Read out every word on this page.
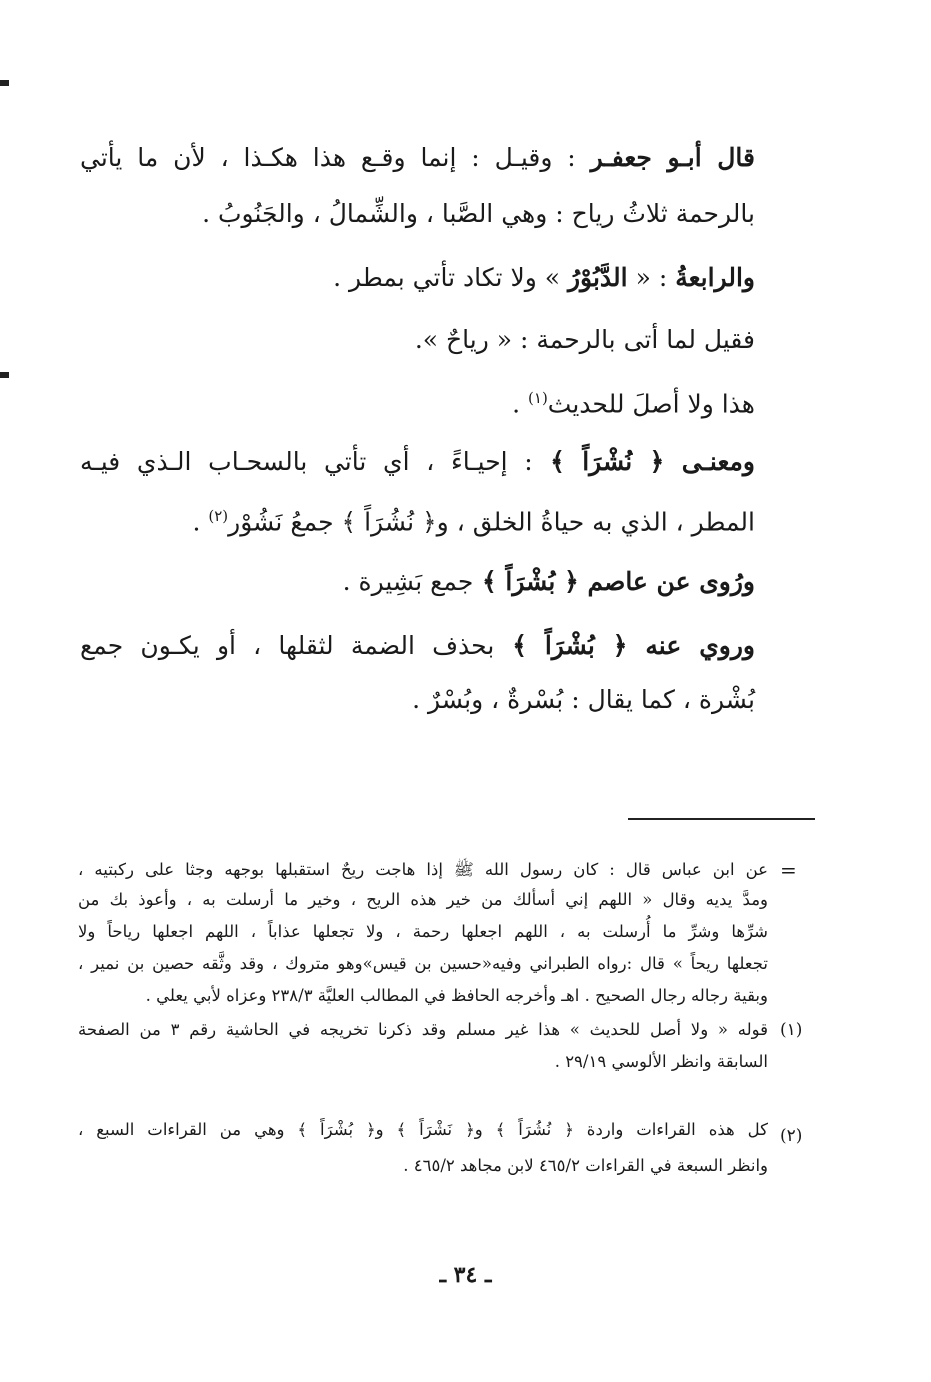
قال أبـو جعفـر : وقيـل : إنما وقـع هذا هكـذا ، لأن ما يأتي
بالرحمة ثلاثُ رياح : وهي الصَّبا ، والشِّمالُ ، والجَنُوبُ .
والرابعةُ : « الدَّبُوْرُ » ولا تكاد تأتي بمطر .
فقيل لما أتى بالرحمة : « رياحٌ ».
هذا ولا أصلَ للحديث$^{(١)}$ .
ومعنـى ﴿ نُشْرَاً ﴾ : إحيـاءً ، أي تأتي بالسحـاب الـذي فيـه
المطر ، الذي به حياةُ الخلق ، و﴿ نُشُرَاً ﴾ جمعُ نَشُوْر$^{(٢)}$ .
ورُوى عن عاصم ﴿ بُشْرَاً ﴾ جمع بَشِيرة .
وروي عنه ﴿ بُشْرَاً ﴾ بحذف الضمة لثقلها ، أو يكـون جمع
بُشْرة ، كما يقال : بُسْرةٌ ، وبُسْرٌ .
=
عن ابن عباس قال : كان رسول الله ﷺ إذا هاجت ريحٌ استقبلها بوجهه وجثا على ركبتيه ،
ومدَّ يديه وقال « اللهم إني أسألك من خير هذه الريح ، وخير ما أرسلت به ، وأعوذ بك من
شرِّها وشرِّ ما أُرسلت به ، اللهم اجعلها رحمة ، ولا تجعلها عذاباً ، اللهم اجعلها رياحاً ولا
تجعلها ريحاً » قال :رواه الطبراني وفيه«حسين بن قيس»وهو متروك ، وقد وثَّقه حصين بن نمير ،
وبقية رجاله رجال الصحيح . اهـ وأخرجه الحافظ في المطالب العليَّة ٢٣٨/٣ وعزاه لأبي يعلي .
(١)
قوله « ولا أصل للحديث » هذا غير مسلم وقد ذكرنا تخريجه في الحاشية رقم ٣ من الصفحة
السابقة وانظر الألوسي ٢٩/١٩ .
(٢)
كل هذه القراءات واردة ﴿ نُشُرَاً ﴾ و﴿ نَشْرَاً ﴾ و﴿ بُشْرَاً ﴾ وهي من القراءات السبع ،
وانظر السبعة في القراءات ٤٦٥/٢ لابن مجاهد ٤٦٥/٢ .
ـ ٣٤ ـ
